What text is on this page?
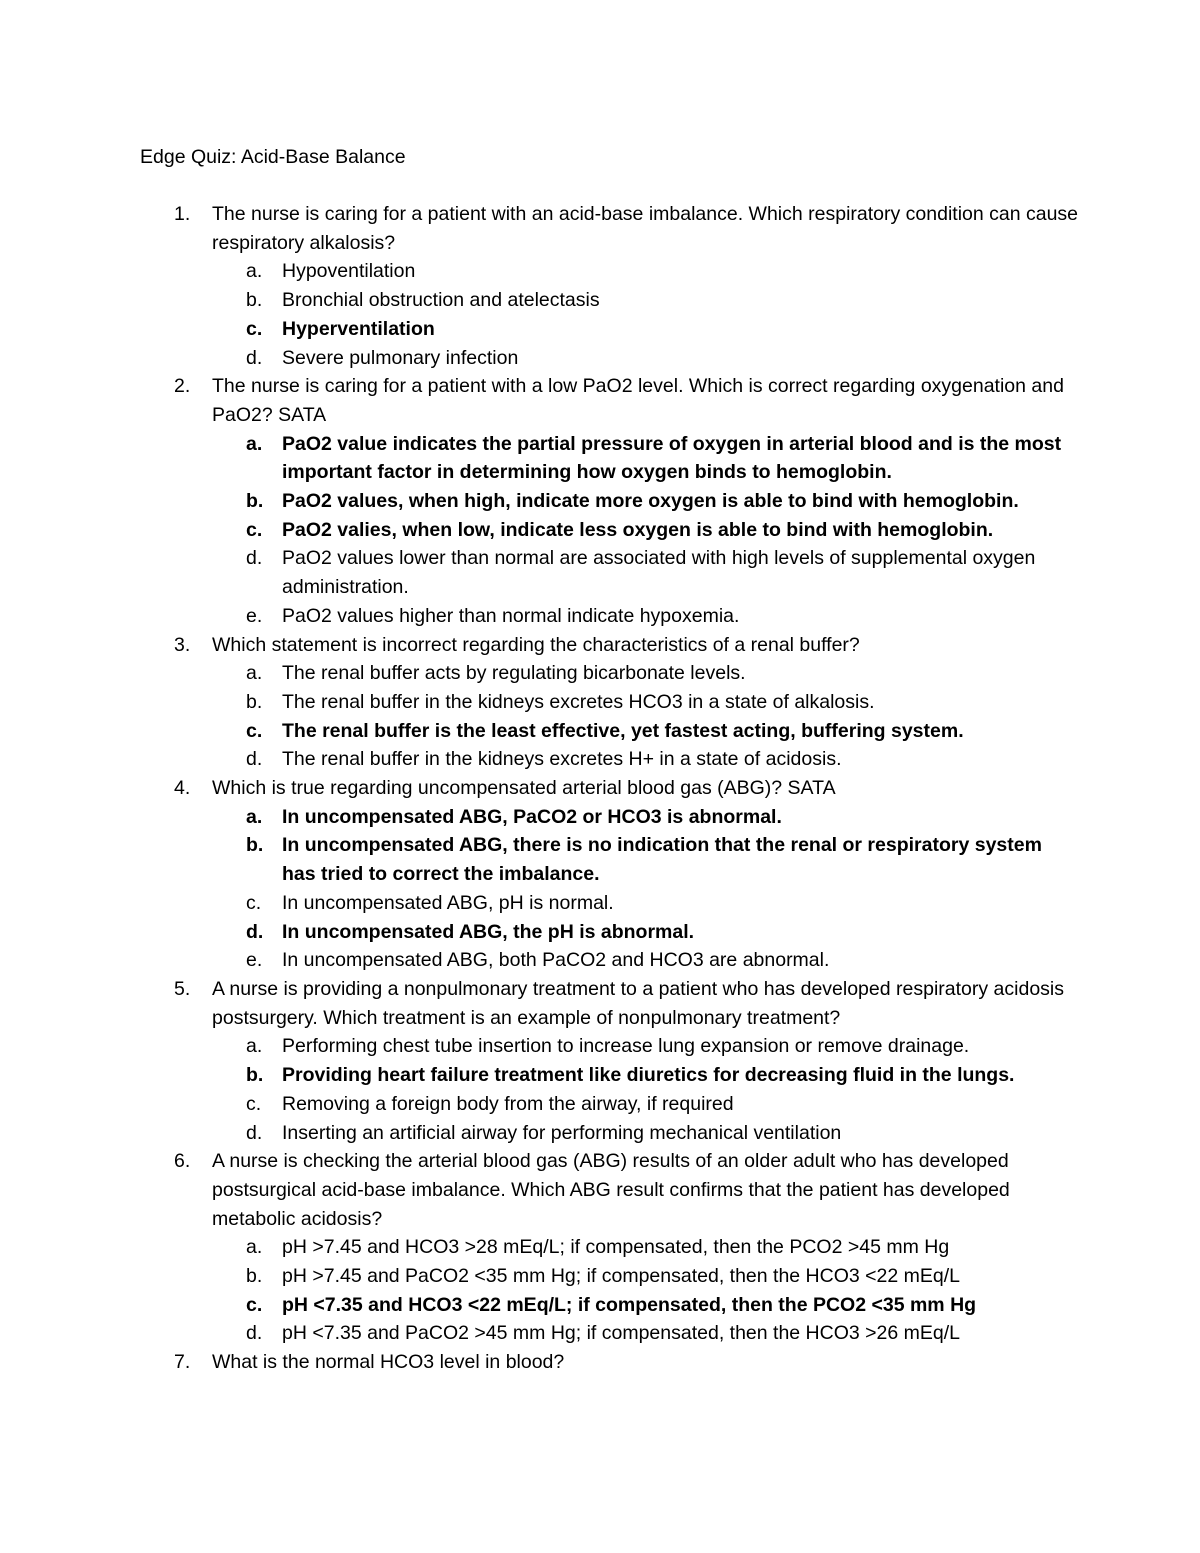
Edge Quiz: Acid-Base Balance
1. The nurse is caring for a patient with an acid-base imbalance. Which respiratory condition can cause respiratory alkalosis?
a. Hypoventilation
b. Bronchial obstruction and atelectasis
c. Hyperventilation
d. Severe pulmonary infection
2. The nurse is caring for a patient with a low PaO2 level. Which is correct regarding oxygenation and PaO2? SATA
a. PaO2 value indicates the partial pressure of oxygen in arterial blood and is the most important factor in determining how oxygen binds to hemoglobin.
b. PaO2 values, when high, indicate more oxygen is able to bind with hemoglobin.
c. PaO2 valies, when low, indicate less oxygen is able to bind with hemoglobin.
d. PaO2 values lower than normal are associated with high levels of supplemental oxygen administration.
e. PaO2 values higher than normal indicate hypoxemia.
3. Which statement is incorrect regarding the characteristics of a renal buffer?
a. The renal buffer acts by regulating bicarbonate levels.
b. The renal buffer in the kidneys excretes HCO3 in a state of alkalosis.
c. The renal buffer is the least effective, yet fastest acting, buffering system.
d. The renal buffer in the kidneys excretes H+ in a state of acidosis.
4. Which is true regarding uncompensated arterial blood gas (ABG)? SATA
a. In uncompensated ABG, PaCO2 or HCO3 is abnormal.
b. In uncompensated ABG, there is no indication that the renal or respiratory system has tried to correct the imbalance.
c. In uncompensated ABG, pH is normal.
d. In uncompensated ABG, the pH is abnormal.
e. In uncompensated ABG, both PaCO2 and HCO3 are abnormal.
5. A nurse is providing a nonpulmonary treatment to a patient who has developed respiratory acidosis postsurgery. Which treatment is an example of nonpulmonary treatment?
a. Performing chest tube insertion to increase lung expansion or remove drainage.
b. Providing heart failure treatment like diuretics for decreasing fluid in the lungs.
c. Removing a foreign body from the airway, if required
d. Inserting an artificial airway for performing mechanical ventilation
6. A nurse is checking the arterial blood gas (ABG) results of an older adult who has developed postsurgical acid-base imbalance. Which ABG result confirms that the patient has developed metabolic acidosis?
a. pH >7.45 and HCO3 >28 mEq/L; if compensated, then the PCO2 >45 mm Hg
b. pH >7.45 and PaCO2 <35 mm Hg; if compensated, then the HCO3 <22 mEq/L
c. pH <7.35 and HCO3 <22 mEq/L; if compensated, then the PCO2 <35 mm Hg
d. pH <7.35 and PaCO2 >45 mm Hg; if compensated, then the HCO3 >26 mEq/L
7. What is the normal HCO3 level in blood?
